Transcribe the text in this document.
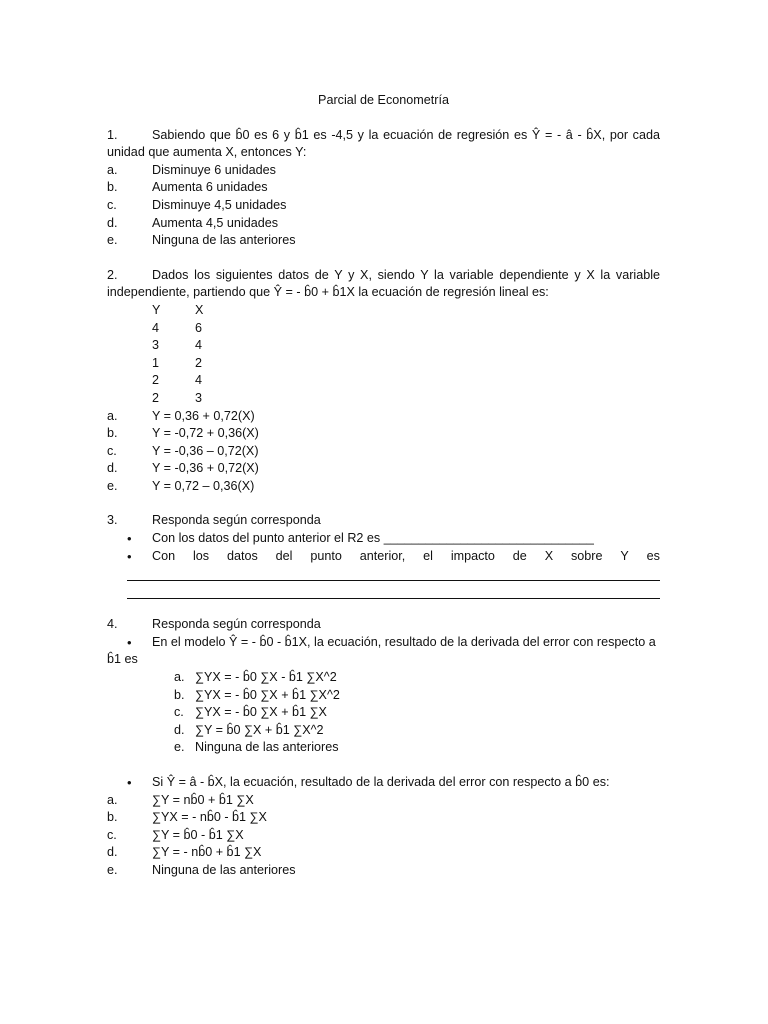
Parcial de Econometría
1.	Sabiendo que b̂0 es 6 y b̂1 es -4,5 y la ecuación de regresión es Ŷ = - â - b̂X, por cada
unidad que aumenta X, entonces Y:
a.	Disminuye 6 unidades
b.	Aumenta 6 unidades
c.	Disminuye 4,5 unidades
d.	Aumenta 4,5 unidades
e.	Ninguna de las anteriores
2.	Dados los siguientes datos de Y y X, siendo Y la variable dependiente y X la variable
independiente, partiendo que Ŷ = - b̂0 + b̂1X la ecuación de regresión lineal es:
Y	X
4	6
3	4
1	2
2	4
2	3
a.	Y = 0,36 + 0,72(X)
b.	Y = -0,72 + 0,36(X)
c.	Y = -0,36 – 0,72(X)
d.	Y = -0,36 + 0,72(X)
e.	Y = 0,72 – 0,36(X)
3.	Responda según corresponda
•	Con los datos del punto anterior el R2 es ______________________________
•	Con los datos del punto anterior, el impacto de X sobre Y es
4.	Responda según corresponda
•	En el modelo Ŷ = - b̂0 - b̂1X, la ecuación, resultado de la derivada del error con respecto a
b̂1 es
a. ∑YX = - b̂0 ∑X - b̂1 ∑X^2
b. ∑YX = - b̂0 ∑X + b̂1 ∑X^2
c. ∑YX = - b̂0 ∑X + b̂1 ∑X
d. ∑Y = b̂0 ∑X + b̂1 ∑X^2
e. Ninguna de las anteriores
•	Si Ŷ = â - b̂X, la ecuación, resultado de la derivada del error con respecto a b̂0 es:
a.	∑Y = nb̂0 + b̂1 ∑X
b.	∑YX = - nb̂0 - b̂1 ∑X
c.	∑Y = b̂0 - b̂1 ∑X
d.	∑Y = - nb̂0 + b̂1 ∑X
e.	Ninguna de las anteriores
